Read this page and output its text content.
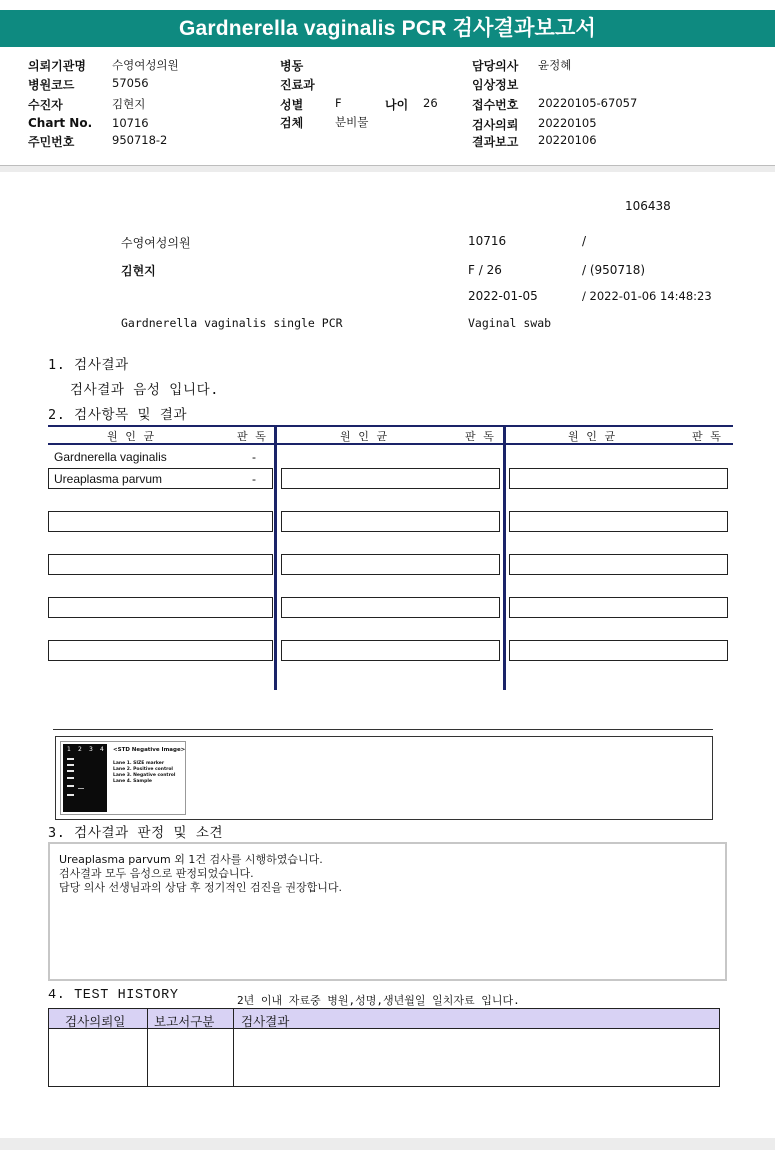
Gardnerella vaginalis PCR 검사결과보고서
의뢰기관명 수영여성의원
병원코드	57056
수진자	김현지
Chart No. 10716
주민번호	950718-2
병동
진료과
성별	F	나이 26
검체	분비물
담당의사 윤정혜
임상정보
접수번호 20220105-67057
검사의뢰 20220105
결과보고 20220106
106438
수영여성의원	10716	/
김현지	F / 26	/ (950718)
2022-01-05	/ 2022-01-06 14:48:23
Gardnerella vaginalis single PCR	Vaginal swab
1. 검사결과
검사결과 음성 입니다.
2. 검사항목 및 결과
원 인 균	판 독	원 인 균	판 독	원 인 균	판 독
Gardnerella vaginalis	-
Ureaplasma parvum	-
1 2 3 4 <STD Negative Image>
Lane 1. SIZE marker
Lane 2. Positive control
Lane 3. Negative control
Lane 4. Sample
3. 검사결과 판정 및 소견
Ureaplasma parvum 외 1건 검사를 시행하였습니다.
검사결과 모두 음성으로 판정되었습니다.
담당 의사 선생님과의 상담 후 정기적인 검진을 권장합니다.
4. TEST HISTORY	2년 이내 자료중 병원,성명,생년월일 일치자료 입니다.
검사의뢰일 보고서구분 검사결과
